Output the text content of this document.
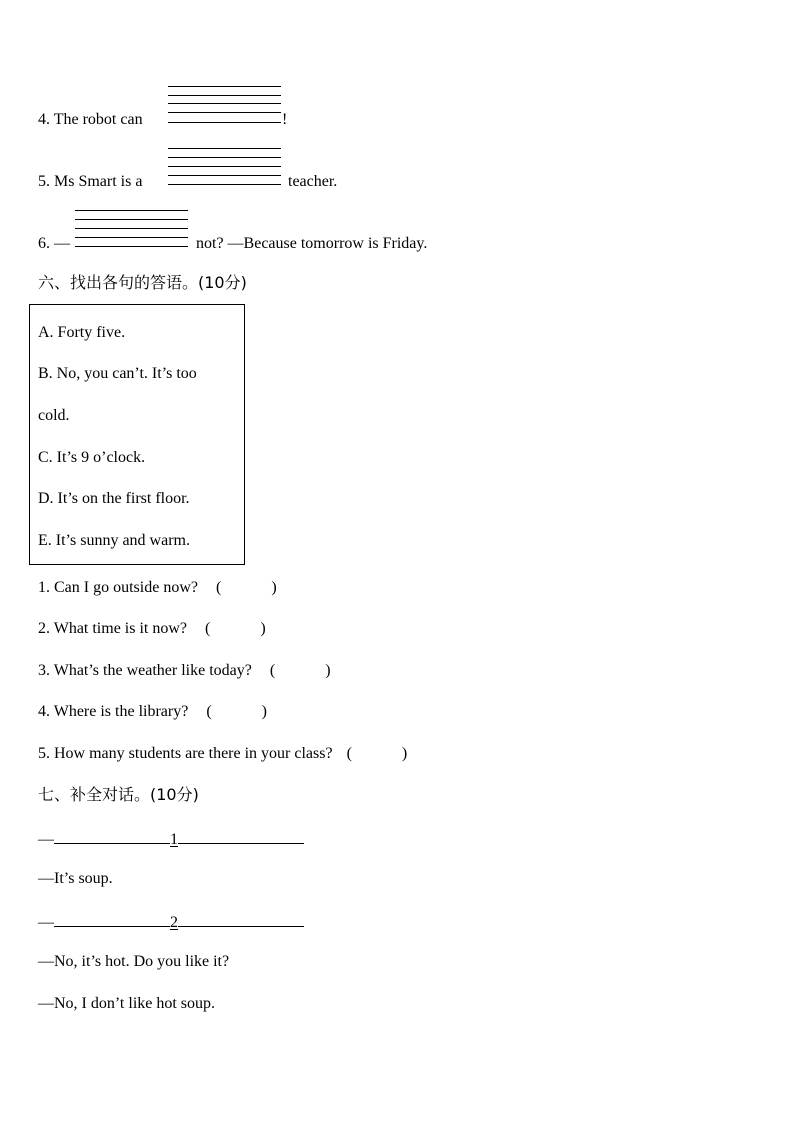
4. The robot can	!
5. Ms Smart is a	teacher.
6. —	not? —Because tomorrow is Friday.
六、找出各句的答语。(10分)
A. Forty five.
B. No, you can’t. It’s too
cold.
C. It’s 9 o’clock.
D. It’s on the first floor.
E. It’s sunny and warm.
1. Can I go outside now? (	)
2. What time is it now? (	)
3. What’s the weather like today? (	)
4. Where is the library? (	)
5. How many students are there in your class? (	)
七、补全对话。(10分)
—	1
—It’s soup.
—	2
—No, it’s hot. Do you like it?
—No, I don’t like hot soup.
